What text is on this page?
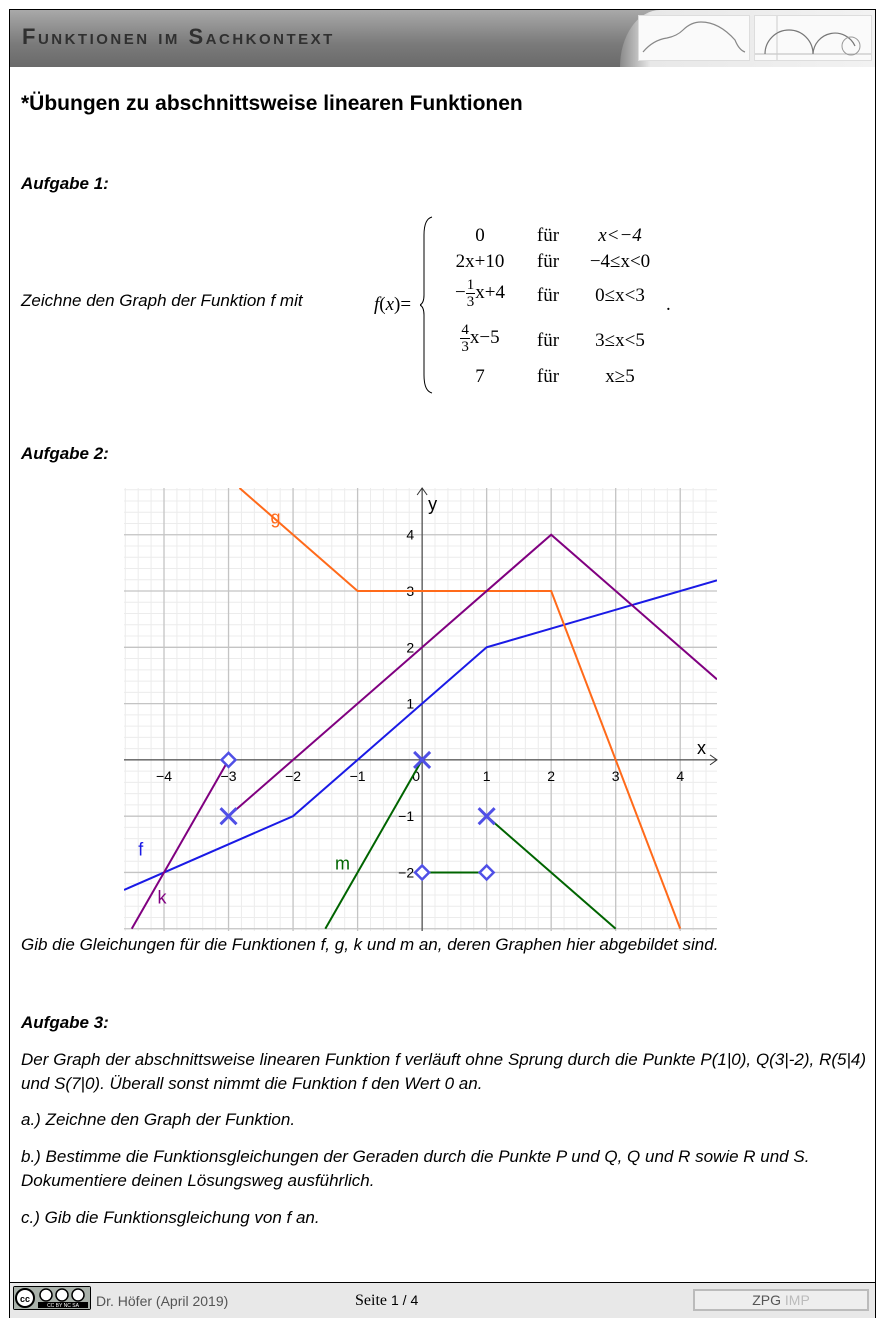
Funktionen im Sachkontext
*Übungen zu abschnittsweise linearen Funktionen
Aufgabe 1:
Zeichne den Graph der Funktion f mit	f(x)=
0	für	x<−4
2x+10	für	−4≤x<0
− $\frac{1}{3} x+4$	für	0≤x<3
$\frac{4}{3} x-5$	für	3≤x<5
7	für	x≥5
.
Aufgabe 2:
x
y
−4	−3	−2	−1	0	1	2	3	4
−2
−1
1
2
3
4
f
g
k
m
Gib die Gleichungen für die Funktionen f, g, k und m an, deren Graphen hier abgebildet sind.
Aufgabe 3:
Der Graph der abschnittsweise linearen Funktion f verläuft ohne Sprung durch die Punkte P(1|0), Q(3|-2), R(5|4) und S(7|0). Überall sonst nimmt die Funktion f den Wert 0 an.
a.) Zeichne den Graph der Funktion.
b.) Bestimme die Funktionsgleichungen der Geraden durch die Punkte P und Q, Q und R sowie R und S. Dokumentiere deinen Lösungsweg ausführlich.
c.) Gib die Funktionsgleichung von f an.
cc
CC BY NC SA Dr. Höfer (April 2019)	Seite 1 / 4	ZPG IMP
